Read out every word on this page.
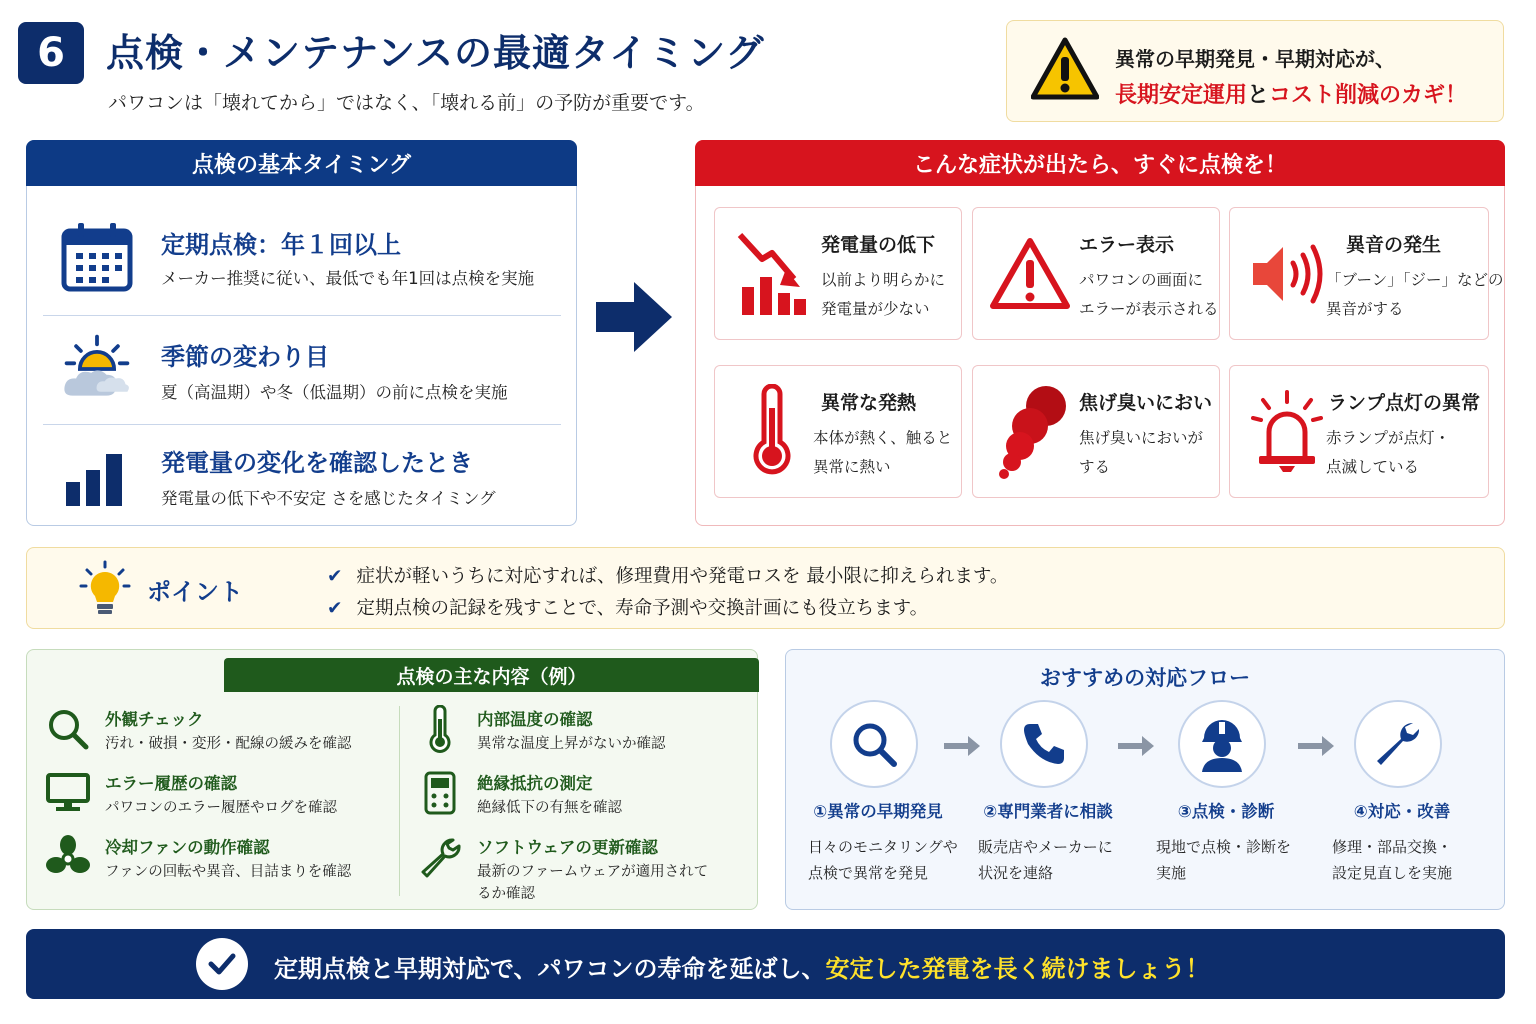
6	点検・メンテナンスの最適タイミング
パワコンは「壊れてから」ではなく、「壊れる前」の予防が重要です。
異常の早期発見・早期対応が、
長期安定運用とコスト削減のカギ！
点検の基本タイミング
定期点検：年１回以上
メーカー推奨に従い、最低でも年1回は点検を実施
季節の変わり目
夏（高温期）や冬（低温期）の前に点検を実施
発電量の変化を確認したとき
発電量の低下や不安定 さを感じたタイミング
こんな症状が出たら、すぐに点検を！
発電量の低下
以前より明らかに
発電量が少ない
エラー表示
パワコンの画面に
エラーが表示される
異音の発生
「ブーン」「ジー」などの
異音がする
異常な発熱
本体が熱く、触ると
異常に熱い
焦げ臭いにおい
焦げ臭いにおいが
する
ランプ点灯の異常
赤ランプが点灯・
点滅している
ポイント
✔ 症状が軽いうちに対応すれば、修理費用や発電ロスを 最小限に抑えられます。
✔ 定期点検の記録を残すことで、寿命予測や交換計画にも役立ちます。
点検の主な内容（例）
外観チェック
汚れ・破損・変形・配線の緩みを確認
エラー履歴の確認
パワコンのエラー履歴やログを確認
冷却ファンの動作確認
ファンの回転や異音、目詰まりを確認
内部温度の確認
異常な温度上昇がないか確認
絶縁抵抗の測定
絶縁低下の有無を確認
ソフトウェアの更新確認
最新のファームウェアが適用されて
るか確認
おすすめの対応フロー
①異常の早期発見
日々のモニタリングや
点検で異常を発見
②専門業者に相談
販売店やメーカーに
状況を連絡
③点検・診断
現地で点検・診断を
実施
④対応・改善
修理・部品交換・
設定見直しを実施
定期点検と早期対応で、パワコンの寿命を延ばし、安定した発電を長く続けましょう！
